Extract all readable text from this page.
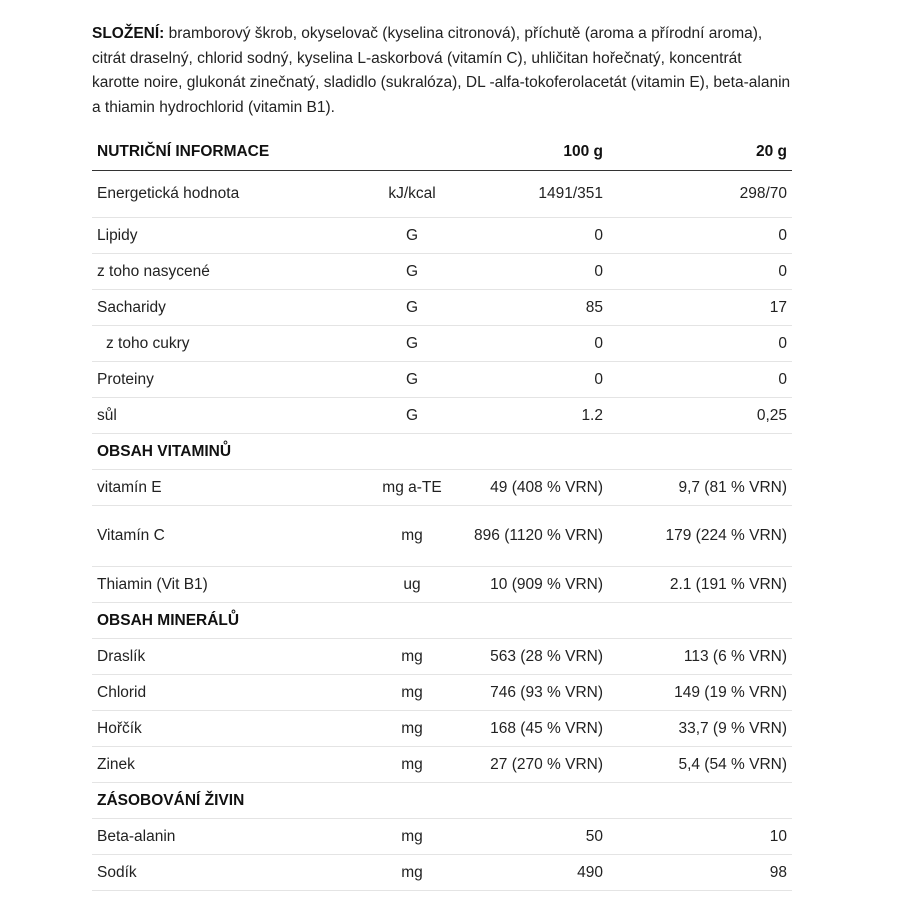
SLOŽENÍ: bramborový škrob, okyselovač (kyselina citronová), příchutě (aroma a přírodní aroma), citrát draselný, chlorid sodný, kyselina L-askorbová (vitamín C), uhličitan hořečnatý, koncentrát karotte noire, glukonát zinečnatý, sladidlo (sukralóza), DL -alfa-tokoferolacetát (vitamin E), beta-alanin a thiamin hydrochlorid (vitamin B1).
NUTRIČNÍ INFORMACE		100 g	20 g
Energetická hodnota	kJ/kcal	1491/351	298/70
Lipidy	G	0	0
z toho nasycené	G	0	0
Sacharidy	G	85	17
z toho cukry	G	0	0
Proteiny	G	0	0
sůl	G	1.2	0,25
OBSAH VITAMINŮ			
vitamín E	mg a-TE	49 (408 % VRN)	9,7 (81 % VRN)
Vitamín C	mg	896 (1120 % VRN)	179 (224 % VRN)
Thiamin (Vit B1)	ug	10 (909 % VRN)	2.1 (191 % VRN)
OBSAH MINERÁLŮ			
Draslík	mg	563 (28 % VRN)	113 (6 % VRN)
Chlorid	mg	746 (93 % VRN)	149 (19 % VRN)
Hořčík	mg	168 (45 % VRN)	33,7 (9 % VRN)
Zinek	mg	27 (270 % VRN)	5,4 (54 % VRN)
ZÁSOBOVÁNÍ ŽIVIN			
Beta-alanin	mg	50	10
Sodík	mg	490	98
